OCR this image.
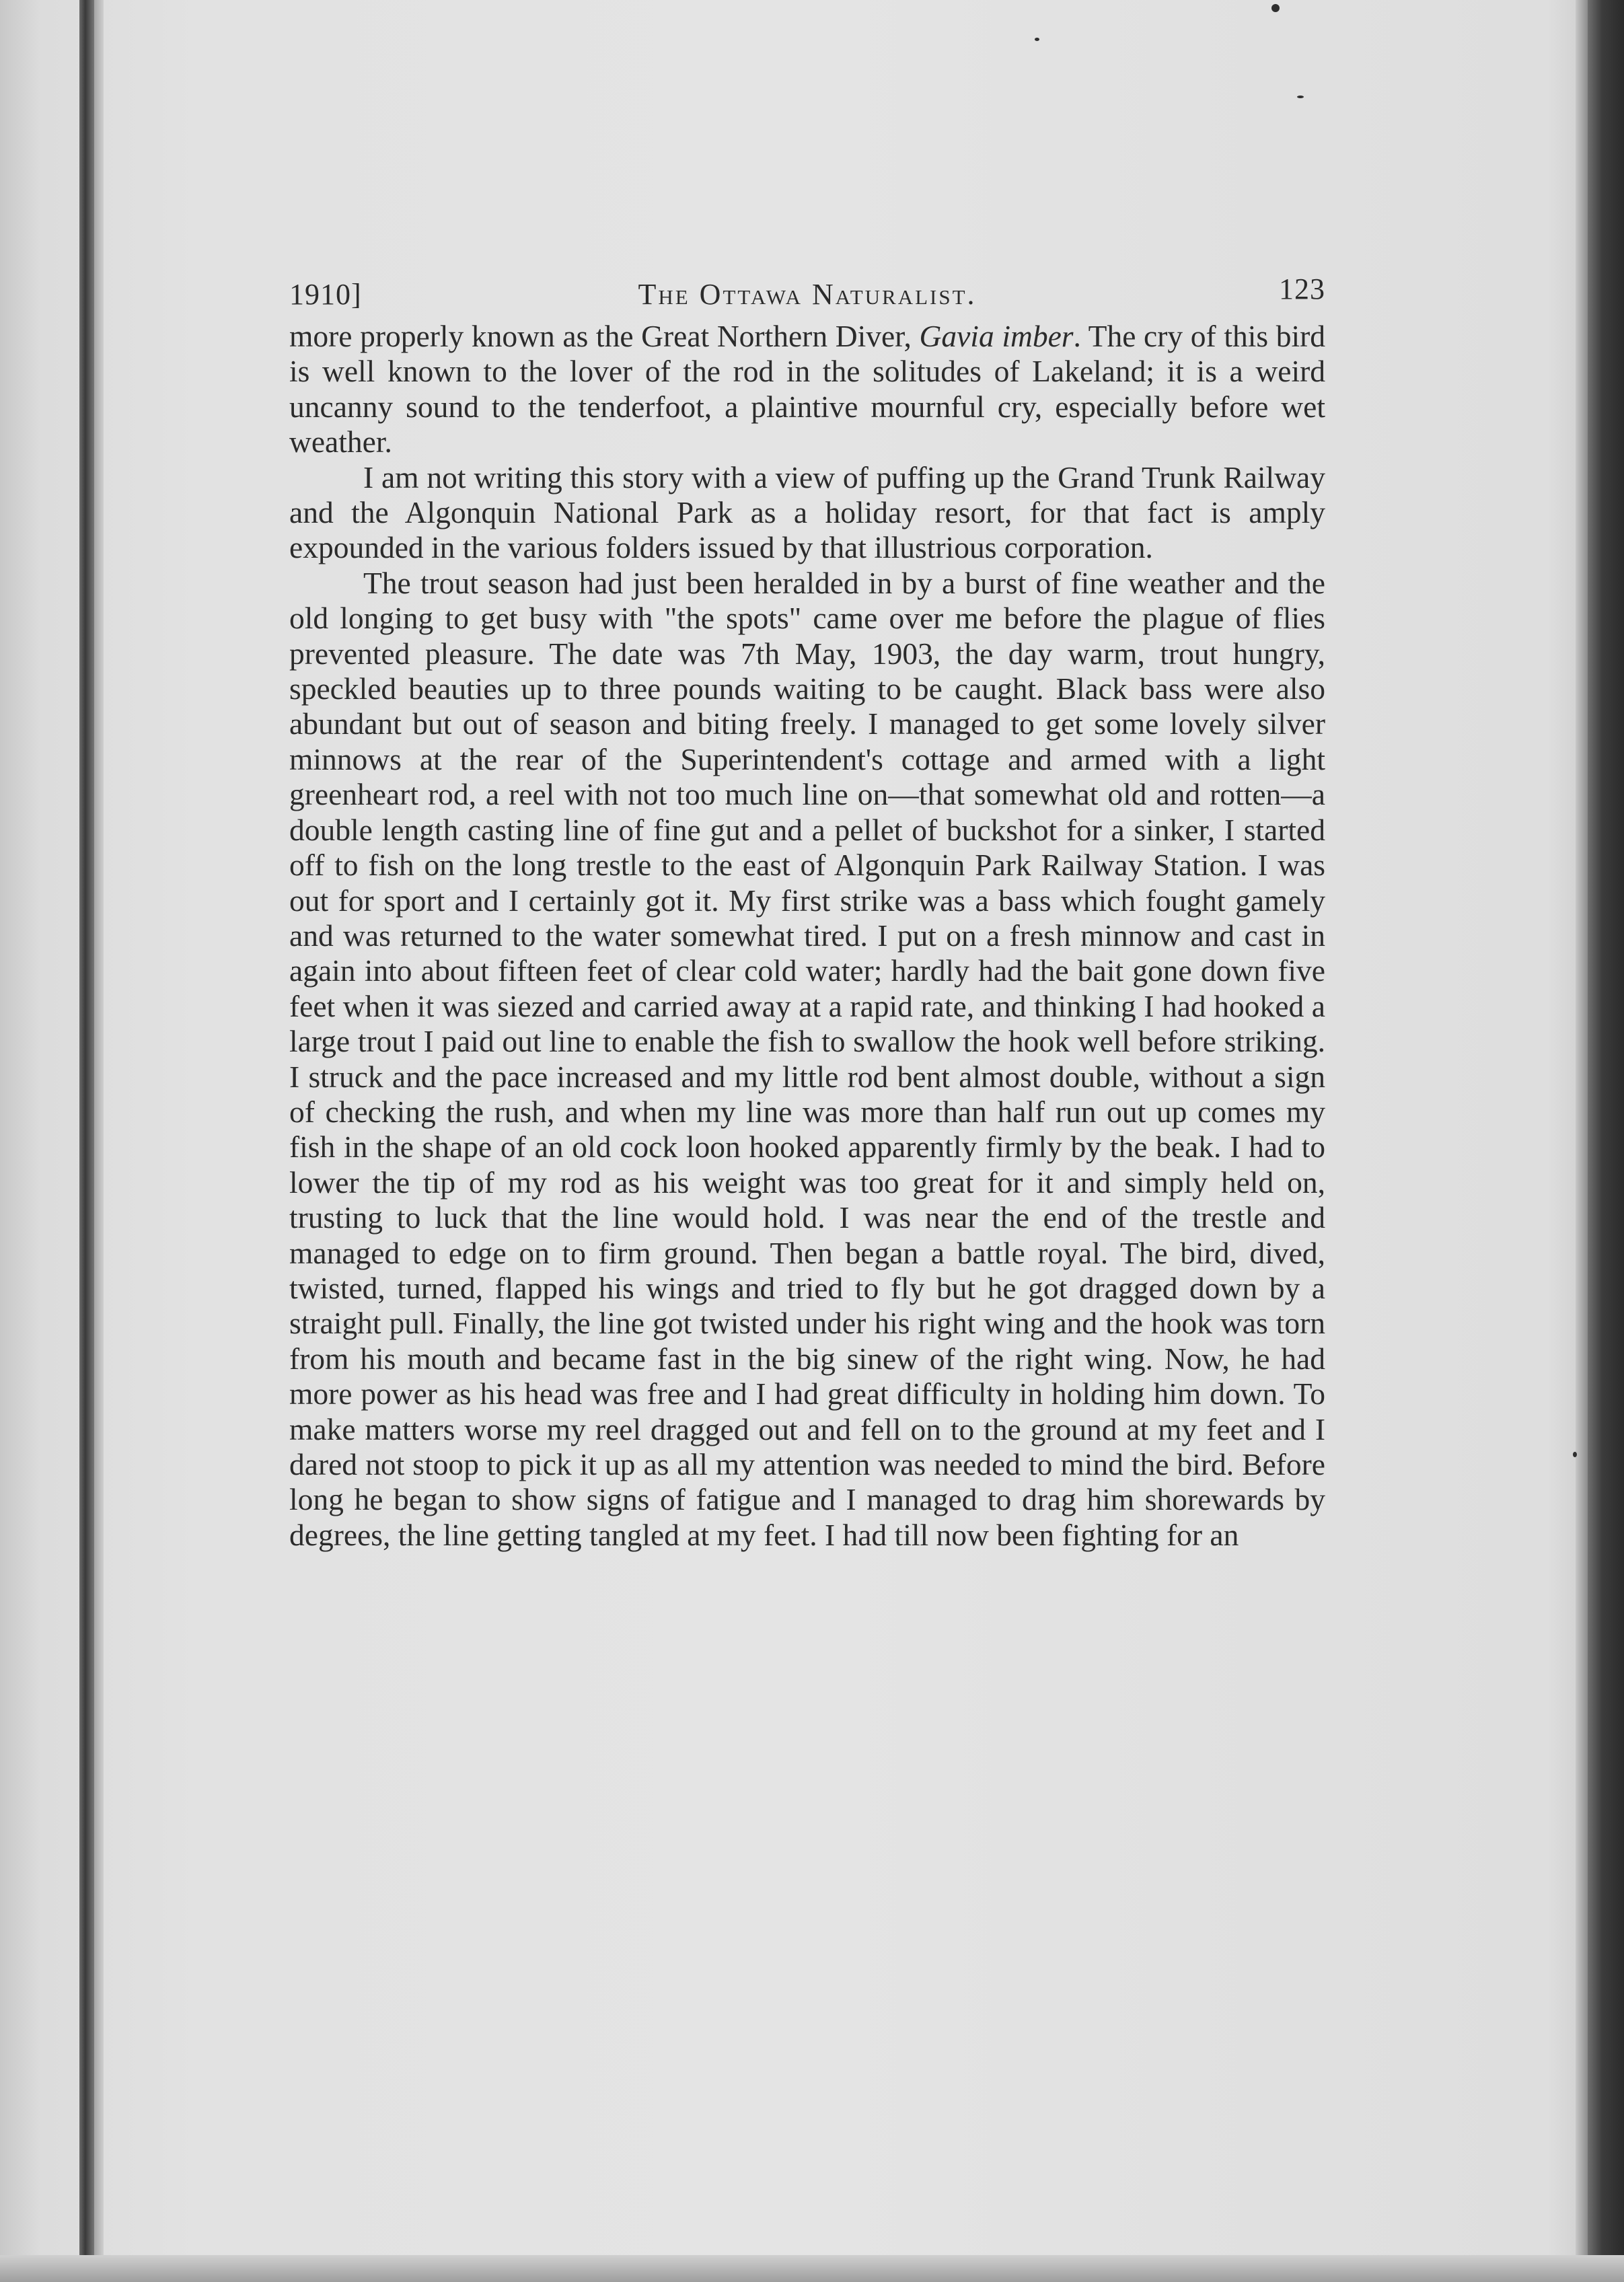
1910]	The Ottawa Naturalist.	123

more properly known as the Great Northern Diver, Gavia imber. The cry of this bird is well known to the lover of the rod in the solitudes of Lakeland; it is a weird uncanny sound to the tenderfoot, a plaintive mournful cry, especially before wet weather.

I am not writing this story with a view of puffing up the Grand Trunk Railway and the Algonquin National Park as a holiday resort, for that fact is amply expounded in the various folders issued by that illustrious corporation.

The trout season had just been heralded in by a burst of fine weather and the old longing to get busy with "the spots" came over me before the plague of flies prevented pleasure. The date was 7th May, 1903, the day warm, trout hungry, speckled beauties up to three pounds waiting to be caught. Black bass were also abundant but out of season and biting freely. I managed to get some lovely silver minnows at the rear of the Superintendent's cottage and armed with a light greenheart rod, a reel with not too much line on—that somewhat old and rotten—a double length casting line of fine gut and a pellet of buckshot for a sinker, I started off to fish on the long trestle to the east of Algonquin Park Railway Station. I was out for sport and I certainly got it. My first strike was a bass which fought gamely and was returned to the water somewhat tired. I put on a fresh minnow and cast in again into about fifteen feet of clear cold water; hardly had the bait gone down five feet when it was siezed and carried away at a rapid rate, and thinking I had hooked a large trout I paid out line to enable the fish to swallow the hook well before striking. I struck and the pace increased and my little rod bent almost double, without a sign of checking the rush, and when my line was more than half run out up comes my fish in the shape of an old cock loon hooked apparently firmly by the beak. I had to lower the tip of my rod as his weight was too great for it and simply held on, trusting to luck that the line would hold. I was near the end of the trestle and managed to edge on to firm ground. Then began a battle royal. The bird, dived, twisted, turned, flapped his wings and tried to fly but he got dragged down by a straight pull. Finally, the line got twisted under his right wing and the hook was torn from his mouth and became fast in the big sinew of the right wing. Now, he had more power as his head was free and I had great difficulty in holding him down. To make matters worse my reel dragged out and fell on to the ground at my feet and I dared not stoop to pick it up as all my attention was needed to mind the bird. Before long he began to show signs of fatigue and I managed to drag him shorewards by degrees, the line getting tangled at my feet. I had till now been fighting for an
